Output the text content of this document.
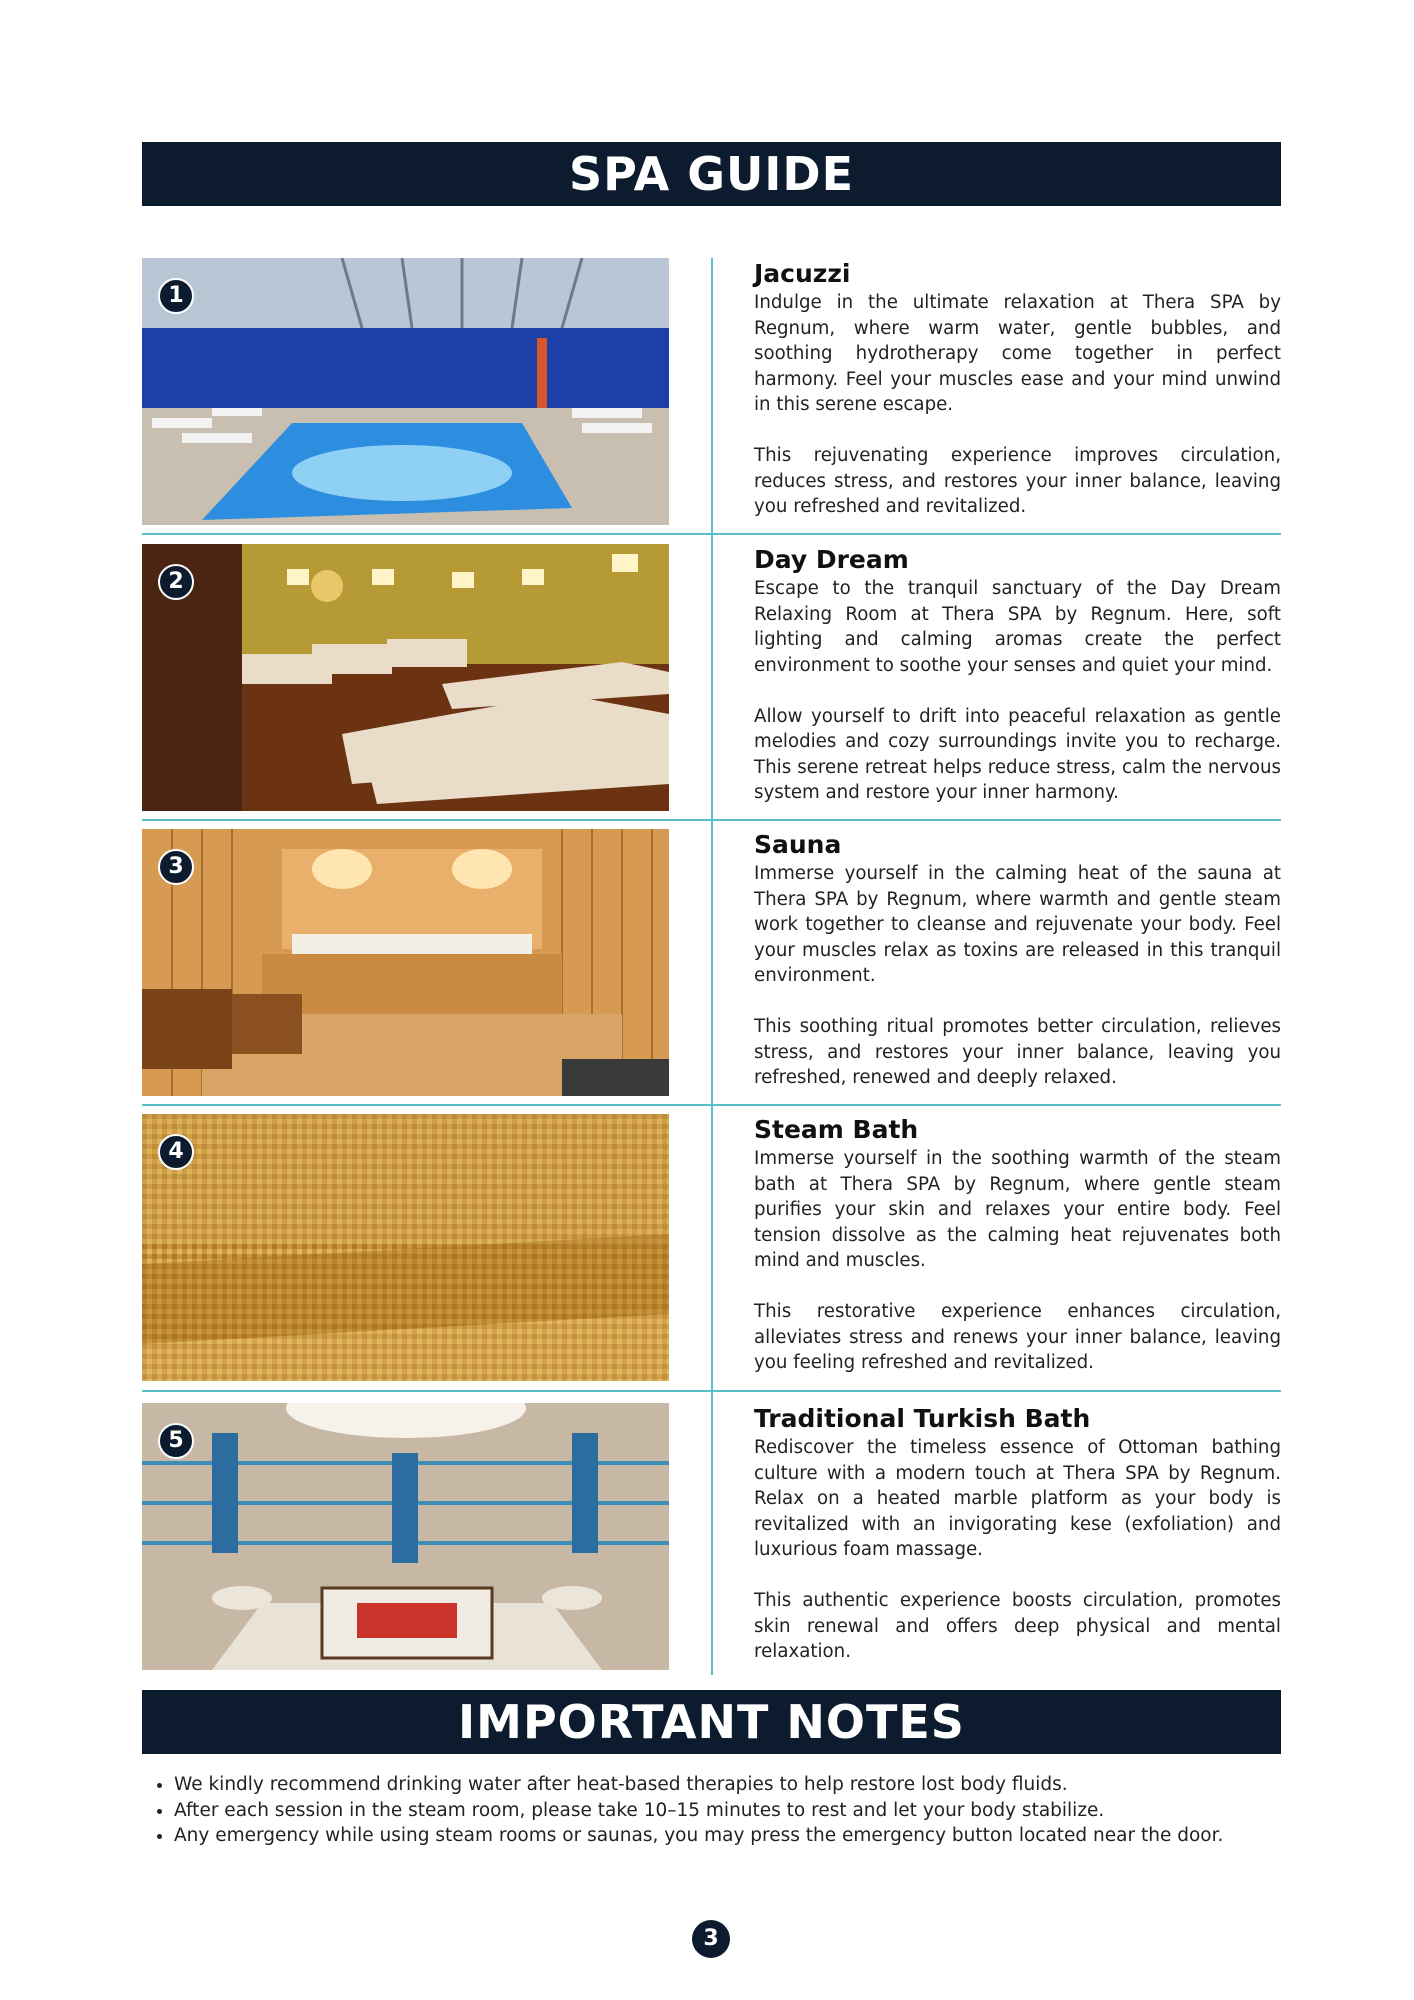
SPA GUIDE
1
Jacuzzi

Indulge in the ultimate relaxation at Thera SPA by Regnum, where warm water, gentle bubbles, and soothing hydrotherapy come together in perfect harmony. Feel your muscles ease and your mind unwind in this serene escape.

This rejuvenating experience improves circulation, reduces stress, and restores your inner balance, leaving you refreshed and revitalized.

2
Day Dream

Escape to the tranquil sanctuary of the Day Dream Relaxing Room at Thera SPA by Regnum. Here, soft lighting and calming aromas create the perfect environment to soothe your senses and quiet your mind.

Allow yourself to drift into peaceful relaxation as gentle melodies and cozy surroundings invite you to recharge. This serene retreat helps reduce stress, calm the nervous system and restore your inner harmony.

3
Sauna

Immerse yourself in the calming heat of the sauna at Thera SPA by Regnum, where warmth and gentle steam work together to cleanse and rejuvenate your body. Feel your muscles relax as toxins are released in this tranquil environment.

This soothing ritual promotes better circulation, relieves stress, and restores your inner balance, leaving you refreshed, renewed and deeply relaxed.

4
Steam Bath

Immerse yourself in the soothing warmth of the steam bath at Thera SPA by Regnum, where gentle steam purifies your skin and relaxes your entire body. Feel tension dissolve as the calming heat rejuvenates both mind and muscles.

This restorative experience enhances circulation, alleviates stress and renews your inner balance, leaving you feeling refreshed and revitalized.

5
Traditional Turkish Bath

Rediscover the timeless essence of Ottoman bathing culture with a modern touch at Thera SPA by Regnum. Relax on a heated marble platform as your body is revitalized with an invigorating kese (exfoliation) and luxurious foam massage.

This authentic experience boosts circulation, promotes skin renewal and offers deep physical and mental relaxation.

IMPORTANT NOTES
• We kindly recommend drinking water after heat-based therapies to help restore lost body fluids.
• After each session in the steam room, please take 10–15 minutes to rest and let your body stabilize.
• Any emergency while using steam rooms or saunas, you may press the emergency button located near the door.
3
